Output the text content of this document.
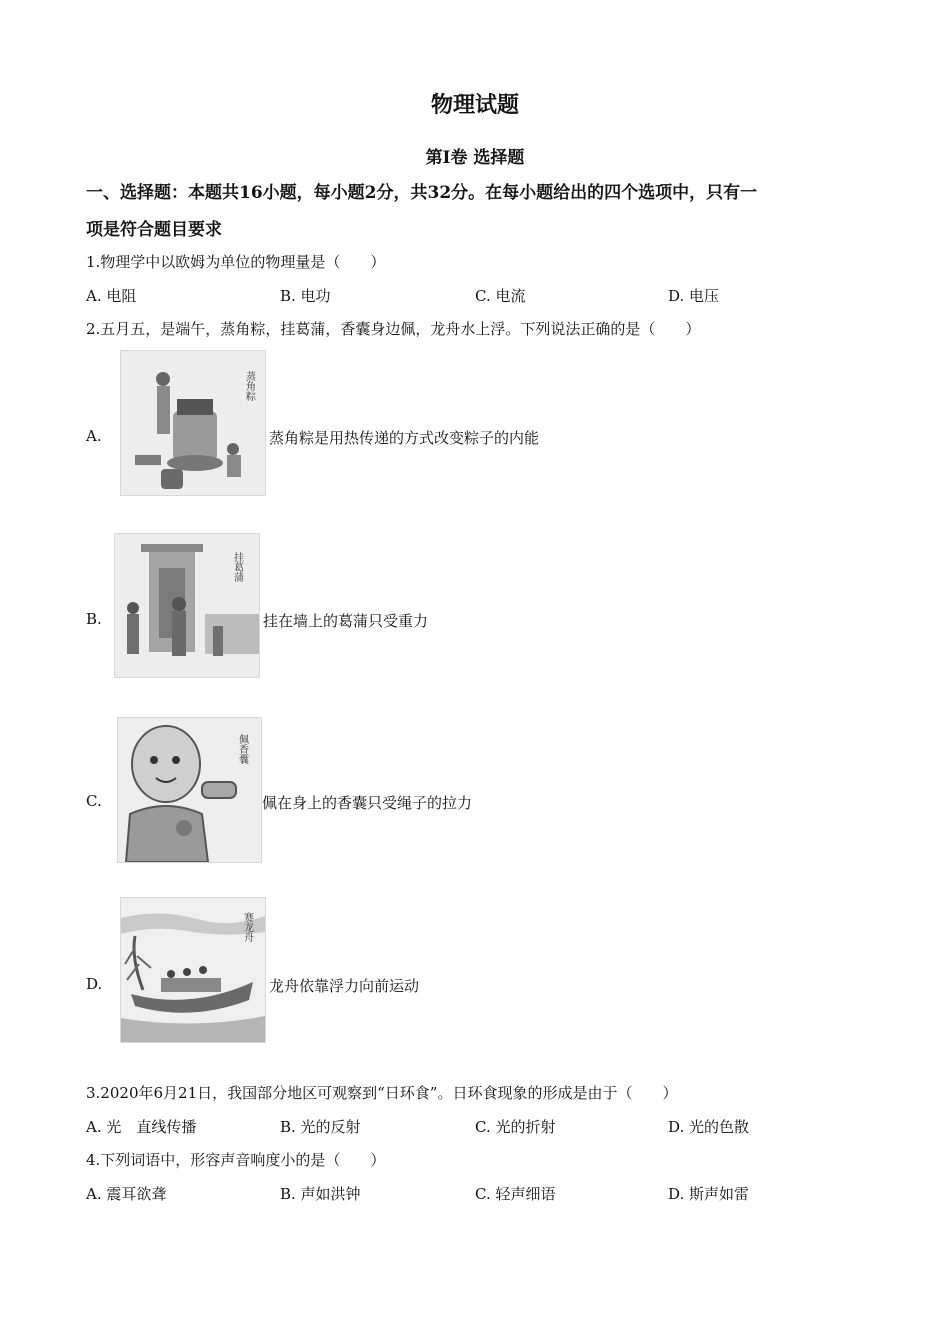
物理试题
第I卷 选择题
一、选择题：本题共16小题，每小题2分，共32分。在每小题给出的四个选项中，只有一
项是符合题目要求
1.物理学中以欧姆为单位的物理量是（　　）
A. 电阻	B. 电功	C. 电流	D. 电压
2.五月五，是端午，蒸角粽，挂葛蒲，香囊身边佩，龙舟水上浮。下列说法正确的是（　　）
A.
蒸角粽
蒸角粽是用热传递的方式改变粽子的内能
B.
挂葛蒲
挂在墙上的葛蒲只受重力
C.
佩香囊
佩在身上的香囊只受绳子的拉力
D.
赛龙舟
龙舟依靠浮力向前运动
3.2020年6月21日，我国部分地区可观察到“日环食”。日环食现象的形成是由于（　　）
A. 光　直线传播	B. 光的反射	C. 光的折射	D. 光的色散
4.下列词语中，形容声音响度小的是（　　）
A. 震耳欲聋	B. 声如洪钟	C. 轻声细语	D. 斯声如雷
